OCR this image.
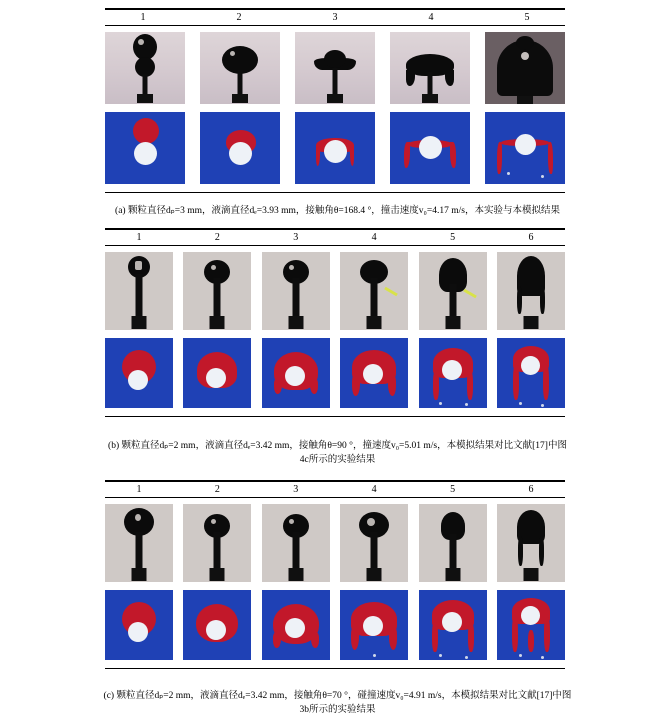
1	2	3	4	5
(a) 颗粒直径dₚ=3 mm，液滴直径dₑ=3.93 mm，接触角θ=168.4 °，撞击速度v₀=4.17 m/s，本实验与本模拟结果
1	2	3	4	5	6
(b) 颗粒直径dₚ=2 mm，液滴直径dₑ=3.42 mm，接触角θ=90 °，撞速度v₀=5.01 m/s，本模拟结果对比文献[17]中图
4c所示的实验结果
1	2	3	4	5	6
(c) 颗粒直径dₚ=2 mm，液滴直径dₑ=3.42 mm，接触角θ=70 °，碰撞速度v₀=4.91 m/s，本模拟结果对比文献[17]中图
3b所示的实验结果
